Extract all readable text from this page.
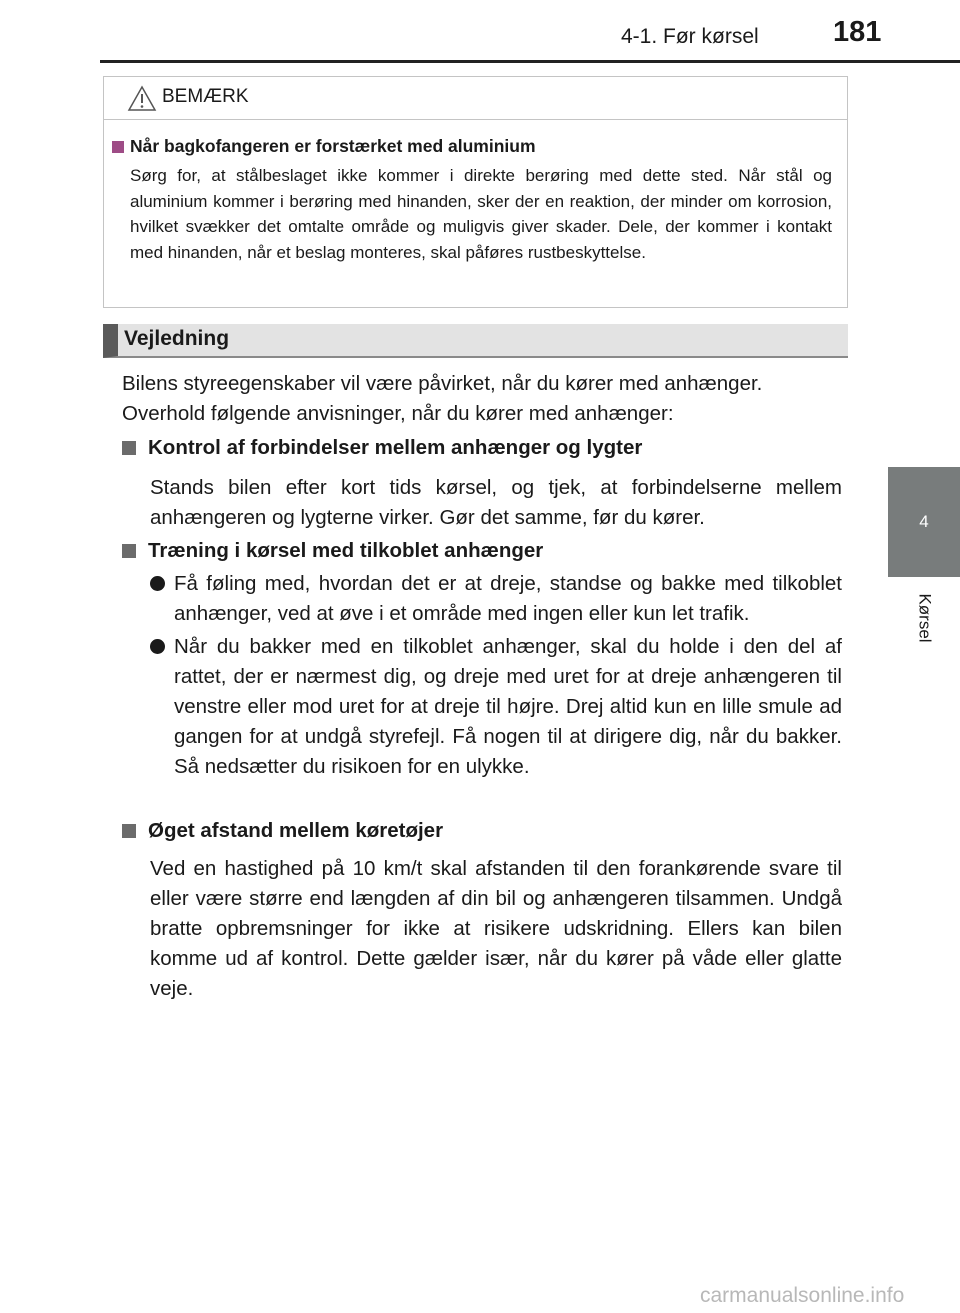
4-1. Før kørsel	181
4
Kørsel
BEMÆRK
Når bagkofangeren er forstærket med aluminium
Sørg for, at stålbeslaget ikke kommer i direkte berøring med dette sted. Når stål og aluminium kommer i berøring med hinanden, sker der en reaktion, der minder om korrosion, hvilket svækker det omtalte område og muligvis giver skader. Dele, der kommer i kontakt med hinanden, når et beslag monteres, skal påføres rustbeskyttelse.
Vejledning
Bilens styreegenskaber vil være påvirket, når du kører med anhænger. Overhold følgende anvisninger, når du kører med anhænger:
Kontrol af forbindelser mellem anhænger og lygter
Stands bilen efter kort tids kørsel, og tjek, at forbindelserne mellem anhængeren og lygterne virker. Gør det samme, før du kører.
Træning i kørsel med tilkoblet anhænger
Få føling med, hvordan det er at dreje, standse og bakke med tilkoblet anhænger, ved at øve i et område med ingen eller kun let trafik.
Når du bakker med en tilkoblet anhænger, skal du holde i den del af rattet, der er nærmest dig, og dreje med uret for at dreje anhængeren til venstre eller mod uret for at dreje til højre. Drej altid kun en lille smule ad gangen for at undgå styrefejl. Få nogen til at dirigere dig, når du bakker. Så nedsætter du risikoen for en ulykke.
Øget afstand mellem køretøjer
Ved en hastighed på 10 km/t skal afstanden til den forankørende svare til eller være større end længden af din bil og anhængeren tilsammen. Undgå bratte opbremsninger for ikke at risikere udskridning. Ellers kan bilen komme ud af kontrol. Dette gælder især, når du kører på våde eller glatte veje.
carmanualsonline.info
